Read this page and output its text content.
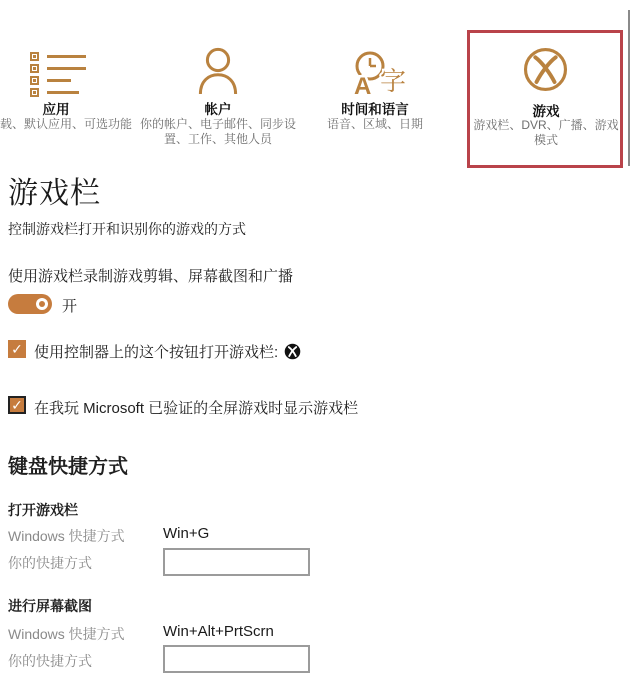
应用
载、默认应用、可选功能
帐户
你的帐户、电子邮件、同步设置、工作、其他人员
A 字
时间和语言
语音、区域、日期
游戏
游戏栏、DVR、广播、游戏模式
游戏栏
控制游戏栏打开和识别你的游戏的方式
使用游戏栏录制游戏剪辑、屏幕截图和广播
开
✓ 使用控制器上的这个按钮打开游戏栏:
✓ 在我玩 Microsoft 已验证的全屏游戏时显示游戏栏
键盘快捷方式
打开游戏栏
Windows 快捷方式	Win+G
你的快捷方式
进行屏幕截图
Windows 快捷方式	Win+Alt+PrtScrn
你的快捷方式
